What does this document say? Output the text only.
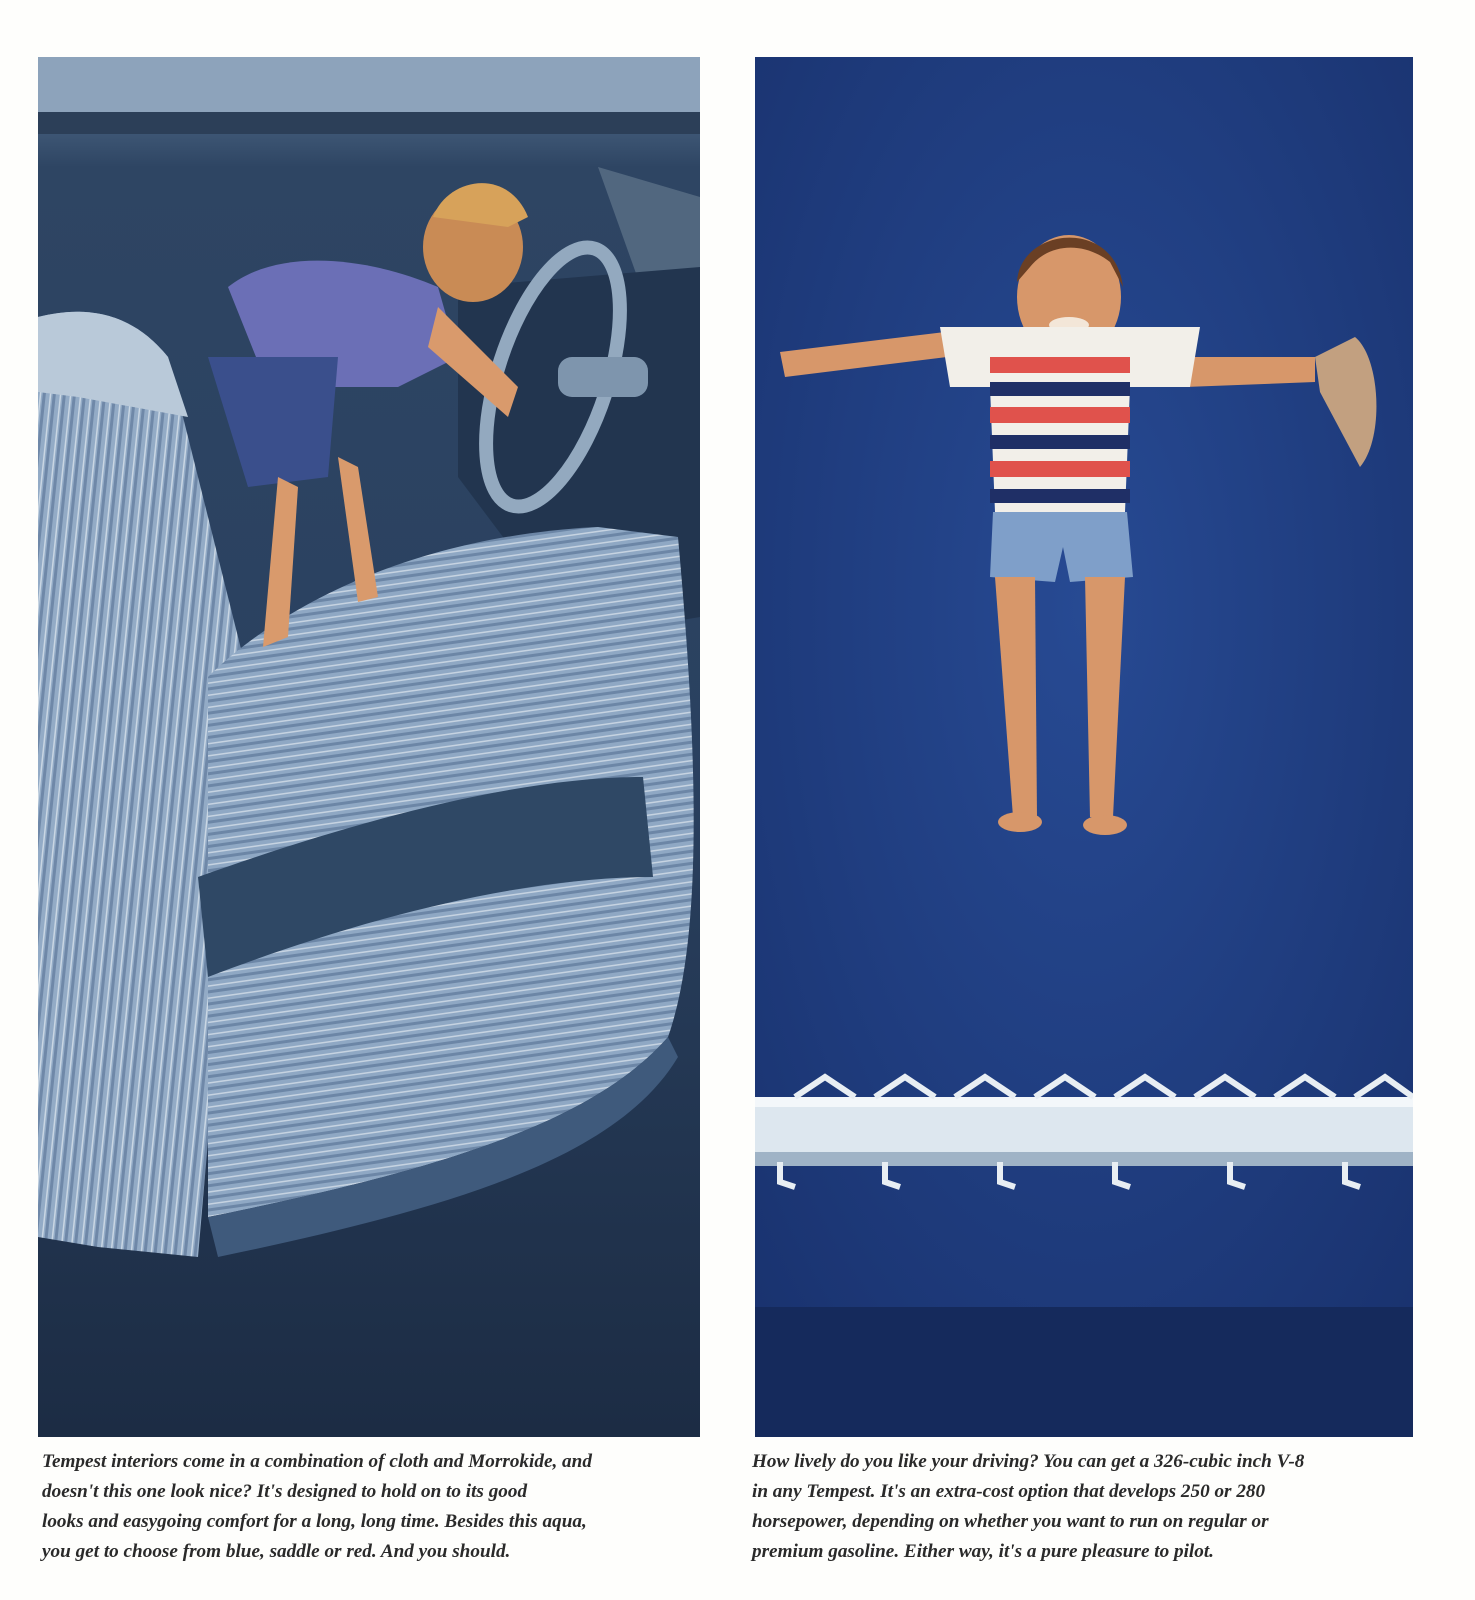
Tempest interiors come in a combination of cloth and Morrokide, and
doesn't this one look nice? It's designed to hold on to its good
looks and easygoing comfort for a long, long time. Besides this aqua,
you get to choose from blue, saddle or red. And you should.

How lively do you like your driving? You can get a 326-cubic inch V-8
in any Tempest. It's an extra-cost option that develops 250 or 280
horsepower, depending on whether you want to run on regular or
premium gasoline. Either way, it's a pure pleasure to pilot.
